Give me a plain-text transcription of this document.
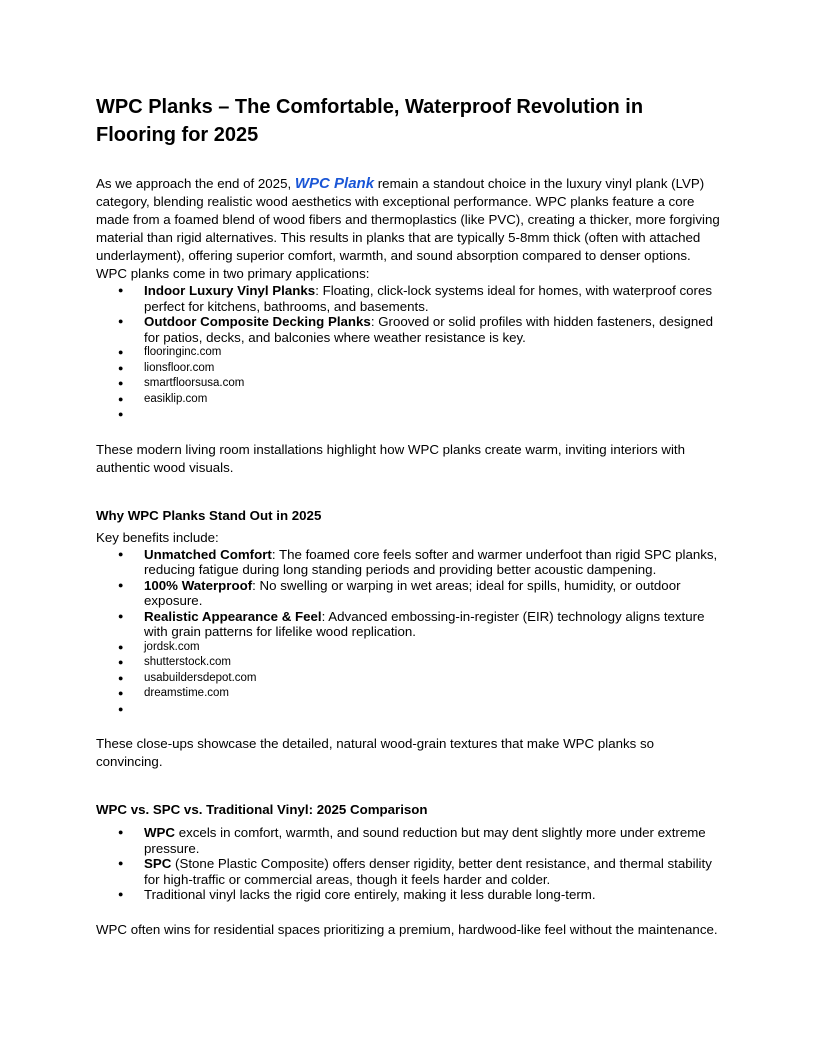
WPC Planks – The Comfortable, Waterproof Revolution in Flooring for 2025

As we approach the end of 2025, WPC Plank remain a standout choice in the luxury vinyl plank (LVP) category, blending realistic wood aesthetics with exceptional performance. WPC planks feature a core made from a foamed blend of wood fibers and thermoplastics (like PVC), creating a thicker, more forgiving material than rigid alternatives. This results in planks that are typically 5-8mm thick (often with attached underlayment), offering superior comfort, warmth, and sound absorption compared to denser options.

WPC planks come in two primary applications:

● Indoor Luxury Vinyl Planks: Floating, click-lock systems ideal for homes, with waterproof cores perfect for kitchens, bathrooms, and basements.
● Outdoor Composite Decking Planks: Grooved or solid profiles with hidden fasteners, designed for patios, decks, and balconies where weather resistance is key.
● flooringinc.com
● lionsfloor.com
● smartfloorsusa.com
● easiklip.com
●

These modern living room installations highlight how WPC planks create warm, inviting interiors with authentic wood visuals.

Why WPC Planks Stand Out in 2025

Key benefits include:

● Unmatched Comfort: The foamed core feels softer and warmer underfoot than rigid SPC planks, reducing fatigue during long standing periods and providing better acoustic dampening.
● 100% Waterproof: No swelling or warping in wet areas; ideal for spills, humidity, or outdoor exposure.
● Realistic Appearance & Feel: Advanced embossing-in-register (EIR) technology aligns texture with grain patterns for lifelike wood replication.
● jordsk.com
● shutterstock.com
● usabuildersdepot.com
● dreamstime.com
●

These close-ups showcase the detailed, natural wood-grain textures that make WPC planks so convincing.

WPC vs. SPC vs. Traditional Vinyl: 2025 Comparison
● WPC excels in comfort, warmth, and sound reduction but may dent slightly more under extreme pressure.
● SPC (Stone Plastic Composite) offers denser rigidity, better dent resistance, and thermal stability for high-traffic or commercial areas, though it feels harder and colder.
● Traditional vinyl lacks the rigid core entirely, making it less durable long-term.

WPC often wins for residential spaces prioritizing a premium, hardwood-like feel without the maintenance.
